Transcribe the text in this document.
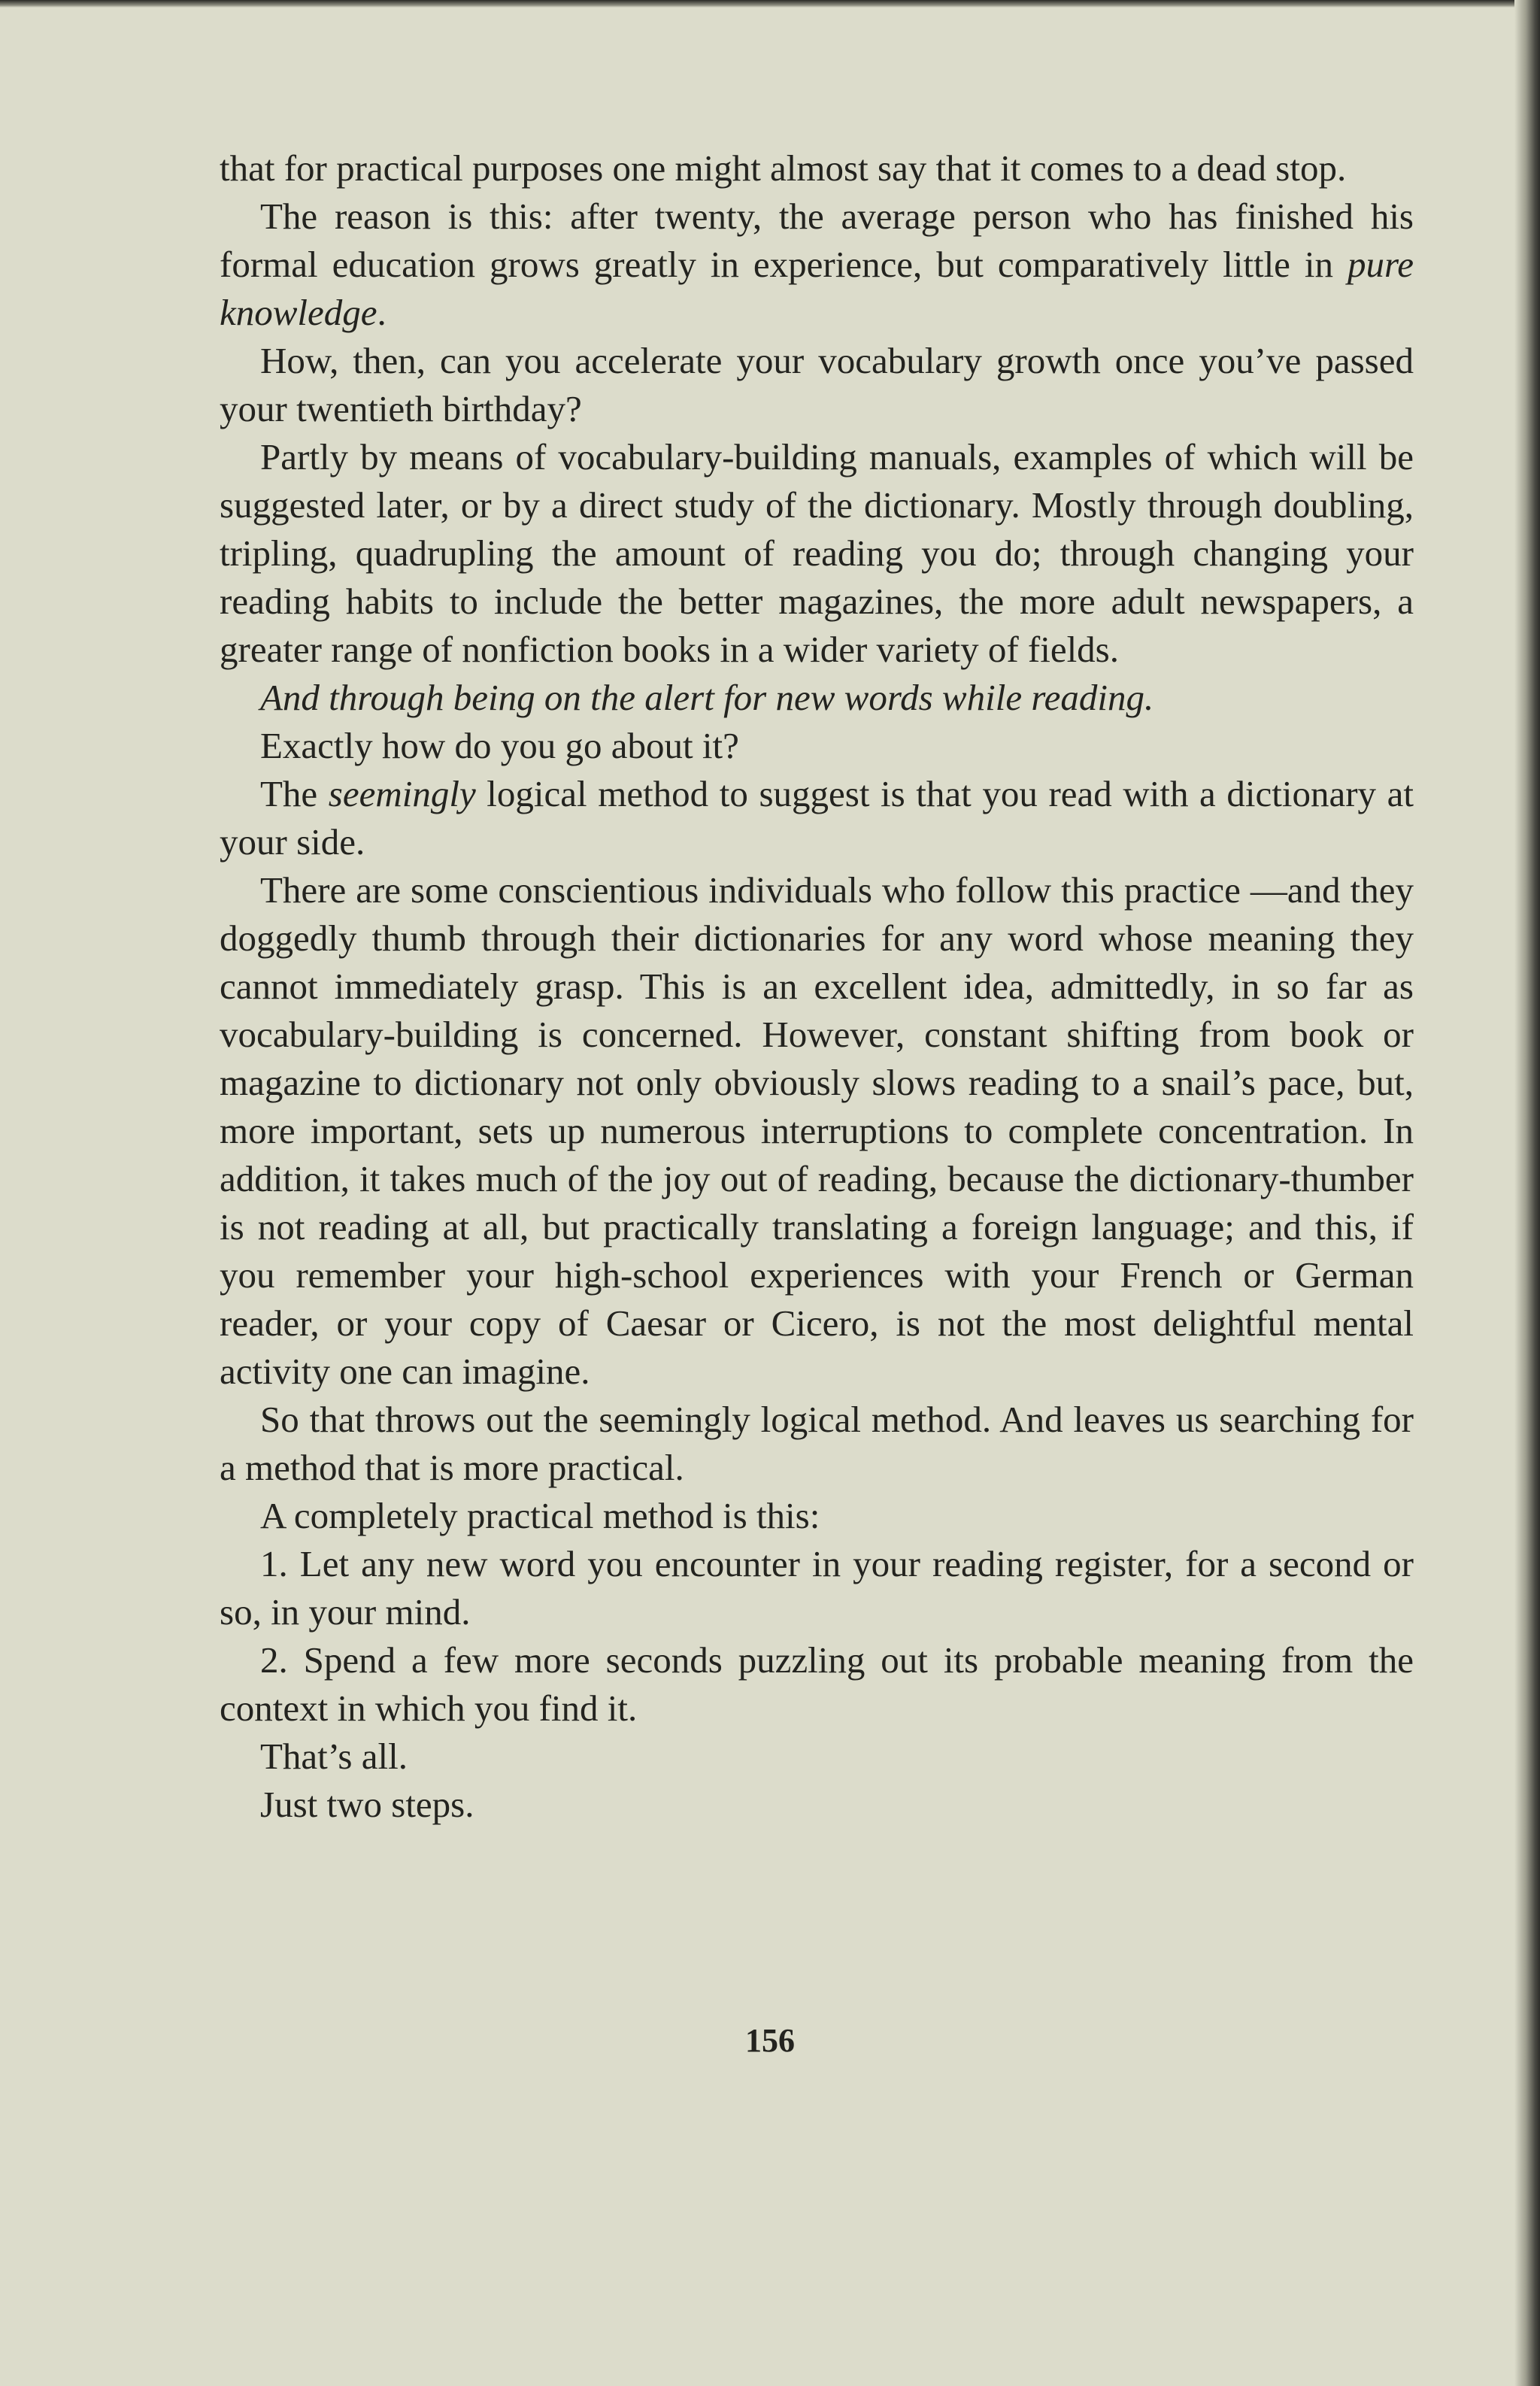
that for practical purposes one might almost say that it comes to a dead stop.

The reason is this: after twenty, the average person who has finished his formal education grows greatly in experience, but comparatively little in pure knowledge.

How, then, can you accelerate your vocabulary growth once you’ve passed your twentieth birthday?

Partly by means of vocabulary-building manuals, examples of which will be suggested later, or by a direct study of the dictionary. Mostly through doubling, tripling, quadrupling the amount of reading you do; through changing your reading habits to include the better magazines, the more adult newspapers, a greater range of nonfiction books in a wider variety of fields.

And through being on the alert for new words while reading.

Exactly how do you go about it?

The seemingly logical method to suggest is that you read with a dictionary at your side.

There are some conscientious individuals who follow this practice —and they doggedly thumb through their dictionaries for any word whose meaning they cannot immediately grasp. This is an excellent idea, admittedly, in so far as vocabulary-building is concerned. However, constant shifting from book or magazine to dictionary not only obviously slows reading to a snail’s pace, but, more important, sets up numerous interruptions to complete concentration. In addition, it takes much of the joy out of reading, because the dictionary-thumber is not reading at all, but practically translating a foreign language; and this, if you remember your high-school experiences with your French or German reader, or your copy of Caesar or Cicero, is not the most delightful mental activity one can imagine.

So that throws out the seemingly logical method. And leaves us searching for a method that is more practical.

A completely practical method is this:

1. Let any new word you encounter in your reading register, for a second or so, in your mind.

2. Spend a few more seconds puzzling out its probable meaning from the context in which you find it.

That’s all.

Just two steps.

156
